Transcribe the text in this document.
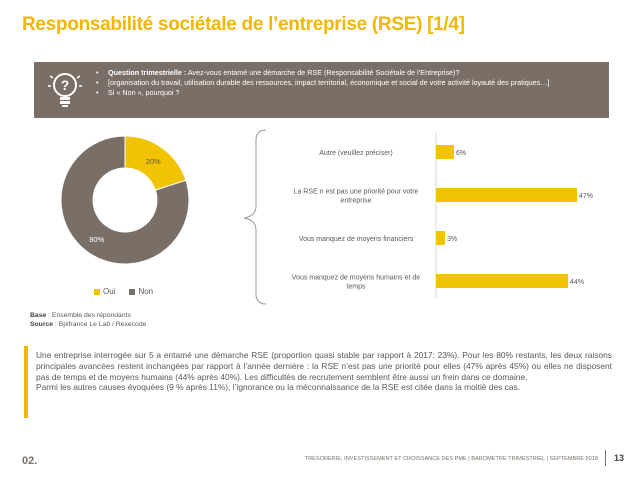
Responsabilité sociétale de l’entreprise (RSE) [1/4]
?
• Question trimestrielle : Avez-vous entamé une démarche de RSE (Responsabilité Sociétale de l’Entreprise)?
• [organisation du travail, utilisation durable des ressources, impact territorial, économique et social de votre activité loyauté des pratiques…]
• Si « Non », pourquoi ?
20%
80%
Oui	Non
6%
Autre (veuillez préciser)
47%
La RSE n est pas une priorité pour votre entreprise
3%
Vous manquez de moyens financiers
44%
Vous manquez de moyens humains et de temps
Base : Ensemble des répondants
Source : Bpifrance Le Lab / Rexecode

Une entreprise interrogée sur 5 a entamé une démarche RSE (proportion quasi stable par rapport à 2017: 23%). Pour les 80% restants, les deux raisons principales avancées restent inchangées par rapport à l’année dernière : la RSE n’est pas une priorité pour elles (47% après 45%) ou elles ne disposent pas de temps et de moyens humains (44% après 40%). Les difficultés de recrutement semblent être aussi un frein dans ce domaine.
Parmi les autres causes évoquées (9 % après 11%), l’ignorance ou la méconnaissance de la RSE est citée dans la moitié des cas.

02.	TRÉSORERIE, INVESTISSEMENT ET CROISSANCE DES PME | BAROMÈTRE TRIMESTRIEL | SEPTEMBRE 2018 13
